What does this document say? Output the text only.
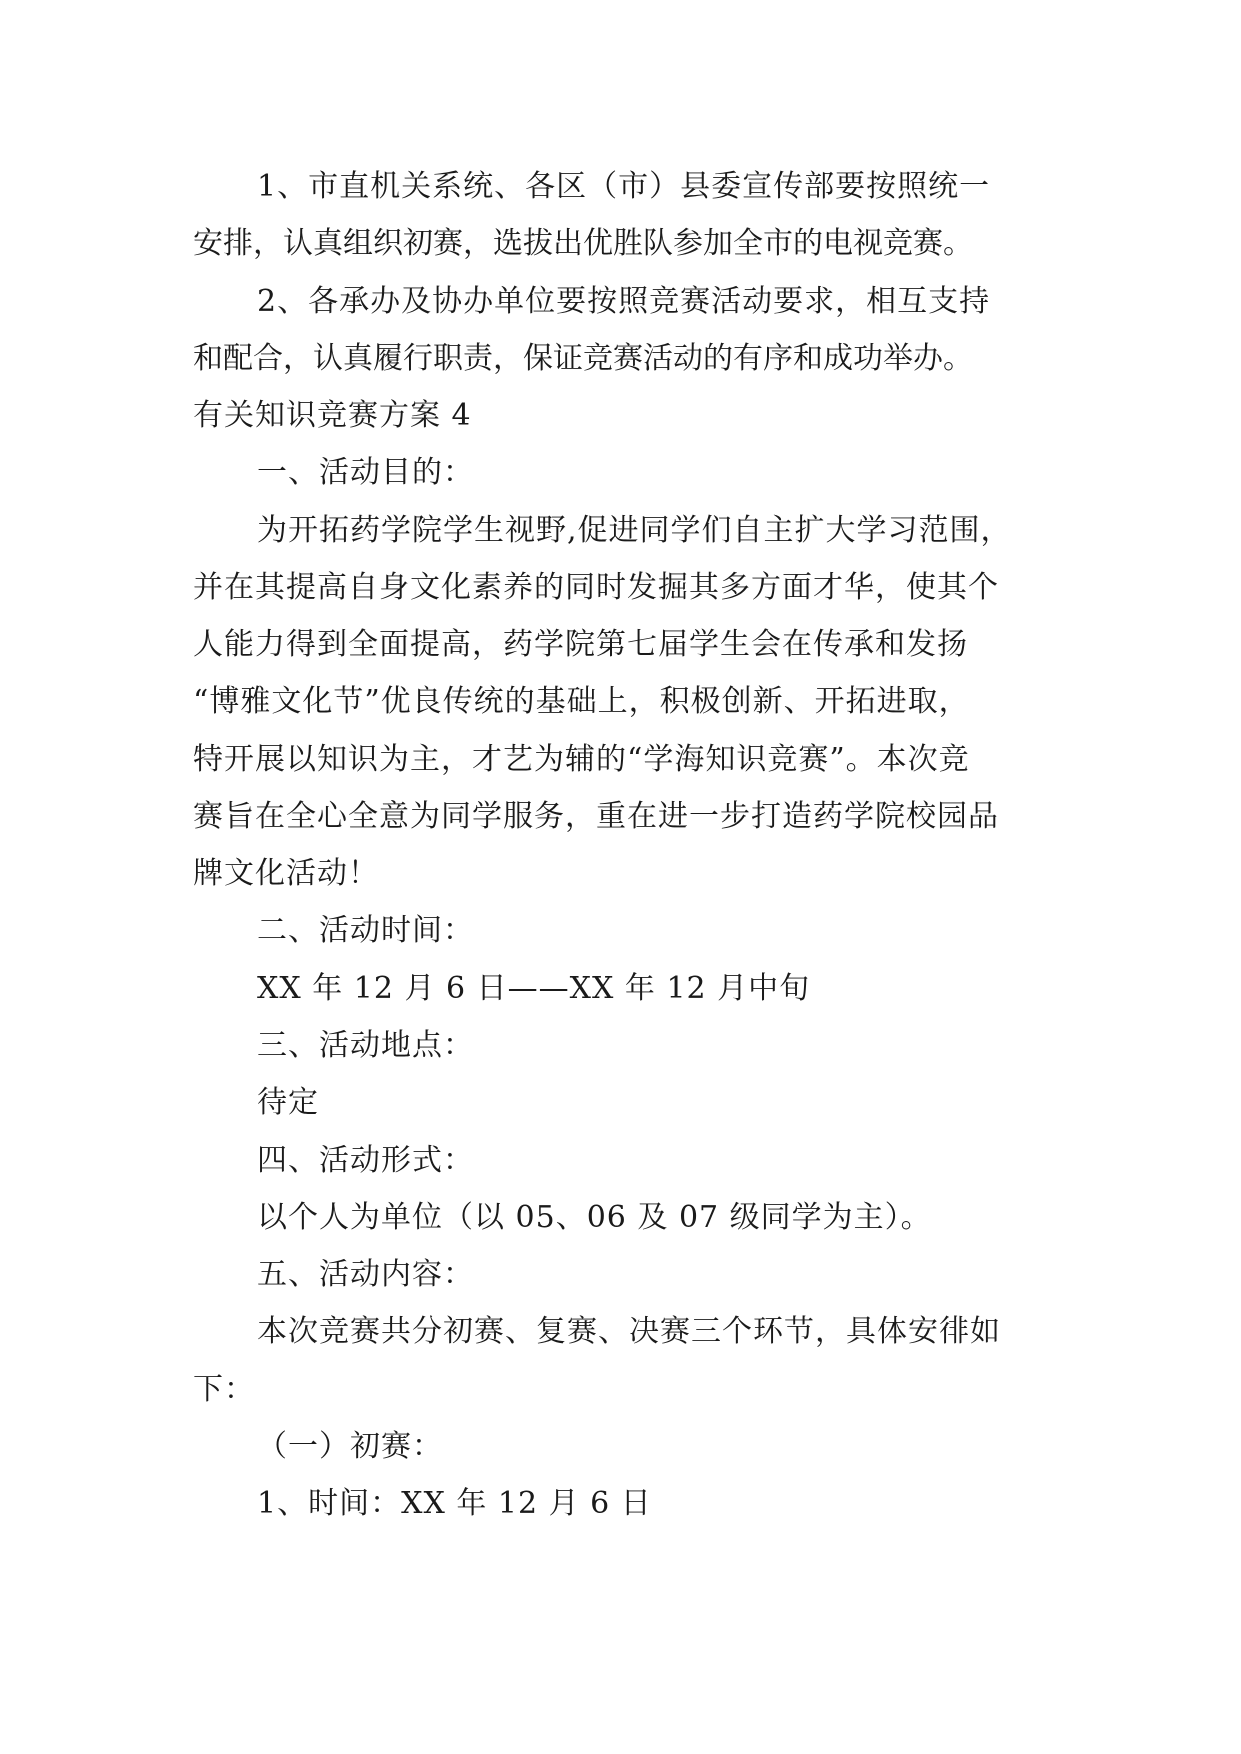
1、市直机关系统、各区（市）县委宣传部要按照统一
安排，认真组织初赛，选拔出优胜队参加全市的电视竞赛。
2、各承办及协办单位要按照竞赛活动要求，相互支持
和配合，认真履行职责，保证竞赛活动的有序和成功举办。
有关知识竞赛方案 4
一、活动目的：
为开拓药学院学生视野,促进同学们自主扩大学习范围，
并在其提高自身文化素养的同时发掘其多方面才华，使其个
人能力得到全面提高，药学院第七届学生会在传承和发扬
“博雅文化节”优良传统的基础上，积极创新、开拓进取，
特开展以知识为主，才艺为辅的“学海知识竞赛”。本次竞
赛旨在全心全意为同学服务，重在进一步打造药学院校园品
牌文化活动！
二、活动时间：
XX 年 12 月 6 日——XX 年 12 月中旬
三、活动地点：
待定
四、活动形式：
以个人为单位（以 05、06 及 07 级同学为主）。
五、活动内容：
本次竞赛共分初赛、复赛、决赛三个环节，具体安徘如
下：
（一）初赛：
1、时间：XX 年 12 月 6 日
